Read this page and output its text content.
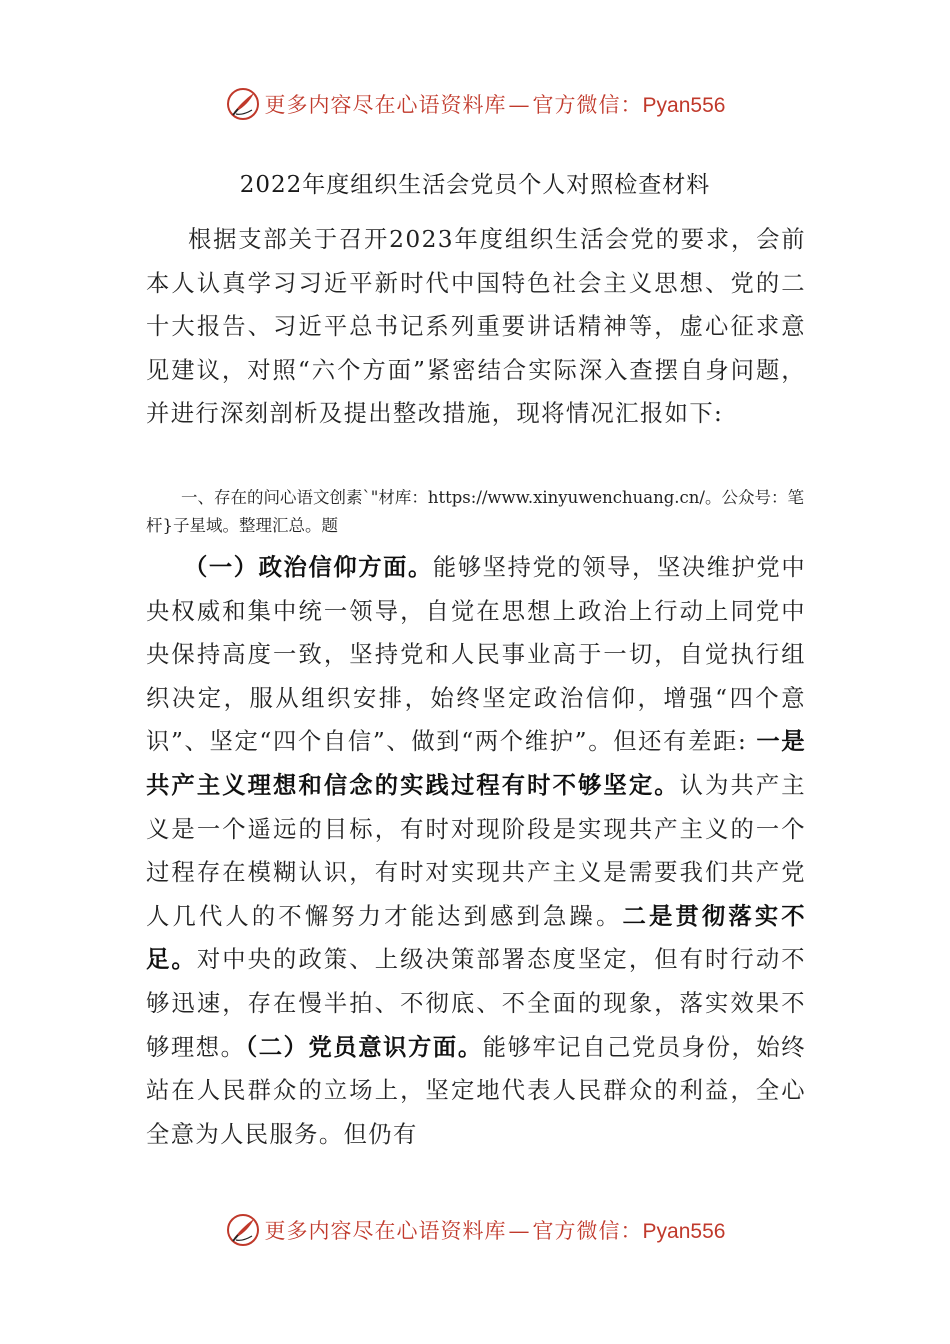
更多内容尽在心语资料库—官方微信：Pyan556
2022年度组织生活会党员个人对照检查材料
根据支部关于召开2023年度组织生活会党的要求，会前本人认真学习习近平新时代中国特色社会主义思想、党的二十大报告、习近平总书记系列重要讲话精神等，虚心征求意见建议，对照“六个方面”紧密结合实际深入查摆自身问题，并进行深刻剖析及提出整改措施，现将情况汇报如下:
一、存在的问心语文创素`"材库：https://www.xinyuwenchuang.cn/。公众号：笔杆}子星域。整理汇总。题
（一）政治信仰方面。能够坚持党的领导，坚决维护党中央权威和集中统一领导，自觉在思想上政治上行动上同党中央保持高度一致，坚持党和人民事业高于一切，自觉执行组织决定，服从组织安排，始终坚定政治信仰，增强“四个意识”、坚定“四个自信”、做到“两个维护”。但还有差距: 一是共产主义理想和信念的实践过程有时不够坚定。认为共产主义是一个遥远的目标，有时对现阶段是实现共产主义的一个过程存在模糊认识，有时对实现共产主义是需要我们共产党人几代人的不懈努力才能达到感到急躁。二是贯彻落实不足。对中央的政策、上级决策部署态度坚定，但有时行动不够迅速，存在慢半拍、不彻底、不全面的现象，落实效果不够理想。（二）党员意识方面。能够牢记自己党员身份，始终站在人民群众的立场上，坚定地代表人民群众的利益，全心全意为人民服务。但仍有
更多内容尽在心语资料库—官方微信：Pyan556
